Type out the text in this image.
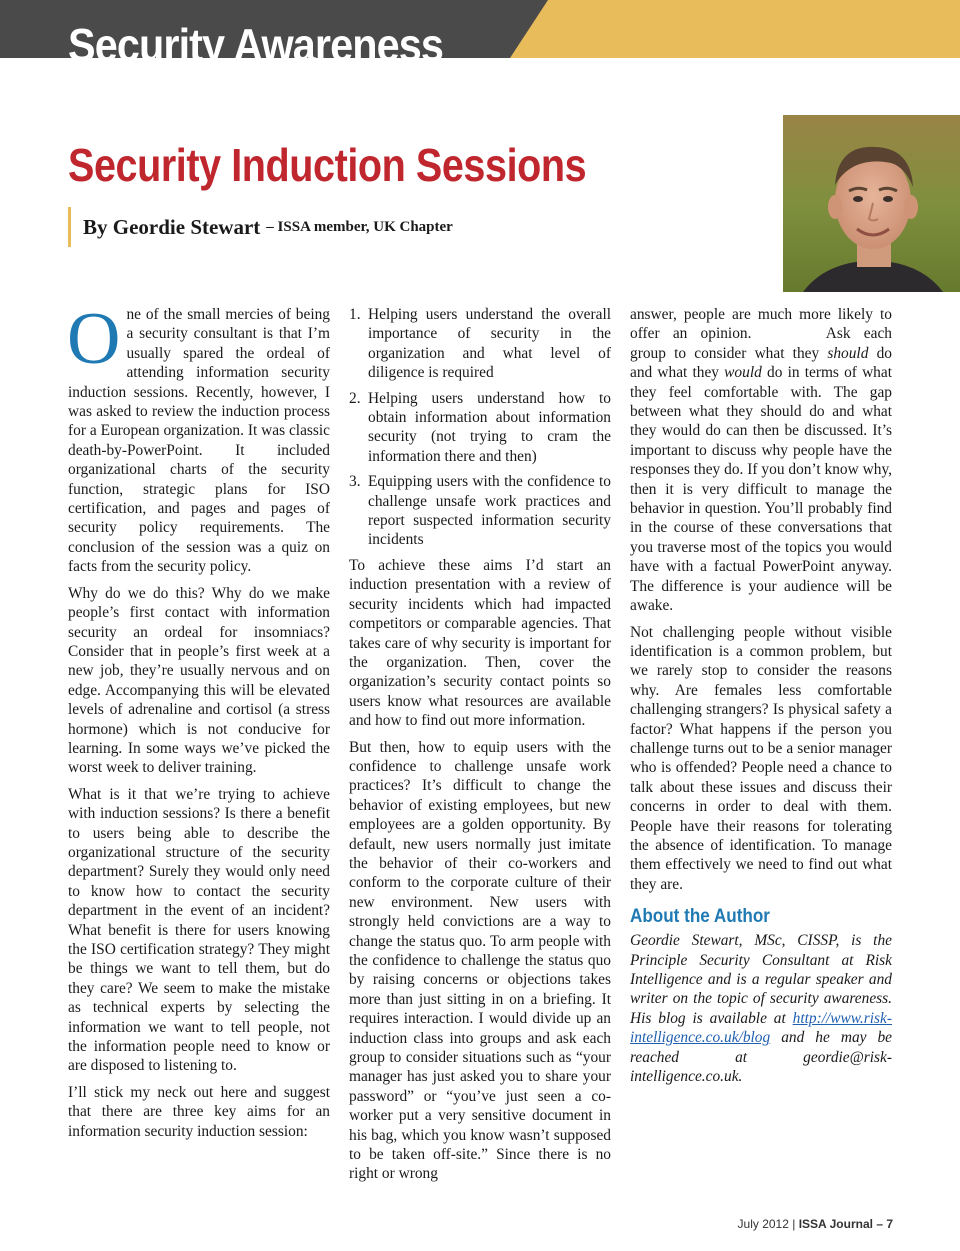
Security Awareness
Security Induction Sessions
By Geordie Stewart – ISSA member, UK Chapter

One of the small mercies of being a security consultant is that I’m usually spared the ordeal of attending information security induction sessions. Recently, however, I was asked to review the induction process for a European organization. It was classic death-by-PowerPoint. It included organizational charts of the security function, strategic plans for ISO certification, and pages and pages of security policy requirements. The conclusion of the session was a quiz on facts from the security policy.

Why do we do this? Why do we make people’s first contact with information security an ordeal for insomniacs? Consider that in people’s first week at a new job, they’re usually nervous and on edge. Accompanying this will be elevated levels of adrenaline and cortisol (a stress hormone) which is not conducive for learning. In some ways we’ve picked the worst week to deliver training.

What is it that we’re trying to achieve with induction sessions? Is there a benefit to users being able to describe the organizational structure of the security department? Surely they would only need to know how to contact the security department in the event of an incident? What benefit is there for users knowing the ISO certification strategy? They might be things we want to tell them, but do they care? We seem to make the mistake as technical experts by selecting the information we want to tell people, not the information people need to know or are disposed to listening to.

I’ll stick my neck out here and suggest that there are three key aims for an information security induction session:

1. Helping users understand the overall importance of security in the organization and what level of diligence is required
2. Helping users understand how to obtain information about information security (not trying to cram the information there and then)
3. Equipping users with the confidence to challenge unsafe work practices and report suspected information security incidents

To achieve these aims I’d start an induction presentation with a review of security incidents which had impacted competitors or comparable agencies. That takes care of why security is important for the organization. Then, cover the organization’s security contact points so users know what resources are available and how to find out more information.

But then, how to equip users with the confidence to challenge unsafe work practices? It’s difficult to change the behavior of existing employees, but new employees are a golden opportunity. By default, new users normally just imitate the behavior of their co-workers and conform to the corporate culture of their new environment. New users with strongly held convictions are a way to change the status quo. To arm people with the confidence to challenge the status quo by raising concerns or objections takes more than just sitting in on a briefing. It requires interaction. I would divide up an induction class into groups and ask each group to consider situations such as “your manager has just asked you to share your password” or “you’ve just seen a co-worker put a very sensitive document in his bag, which you know wasn’t supposed to be taken off-site.” Since there is no right or wrong

answer, people are much more likely to offer an opinion.	Ask each group to consider what they should do and what they would do in terms of what they feel comfortable with. The gap between what they should do and what they would do can then be discussed. It’s important to discuss why people have the responses they do. If you don’t know why, then it is very difficult to manage the behavior in question. You’ll probably find in the course of these conversations that you traverse most of the topics you would have with a factual PowerPoint anyway. The difference is your audience will be awake.

Not challenging people without visible identification is a common problem, but we rarely stop to consider the reasons why. Are females less comfortable challenging strangers? Is physical safety a factor? What happens if the person you challenge turns out to be a senior manager who is offended? People need a chance to talk about these issues and discuss their concerns in order to deal with them. People have their reasons for tolerating the absence of identification. To manage them effectively we need to find out what they are.

About the Author

Geordie Stewart, MSc, CISSP, is the Principle Security Consultant at Risk Intelligence and is a regular speaker and writer on the topic of security awareness. His blog is available at http://www.risk-intelligence.co.uk/blog and he may be reached at geordie@risk-intelligence.co.uk.

July 2012 | ISSA Journal – 7
